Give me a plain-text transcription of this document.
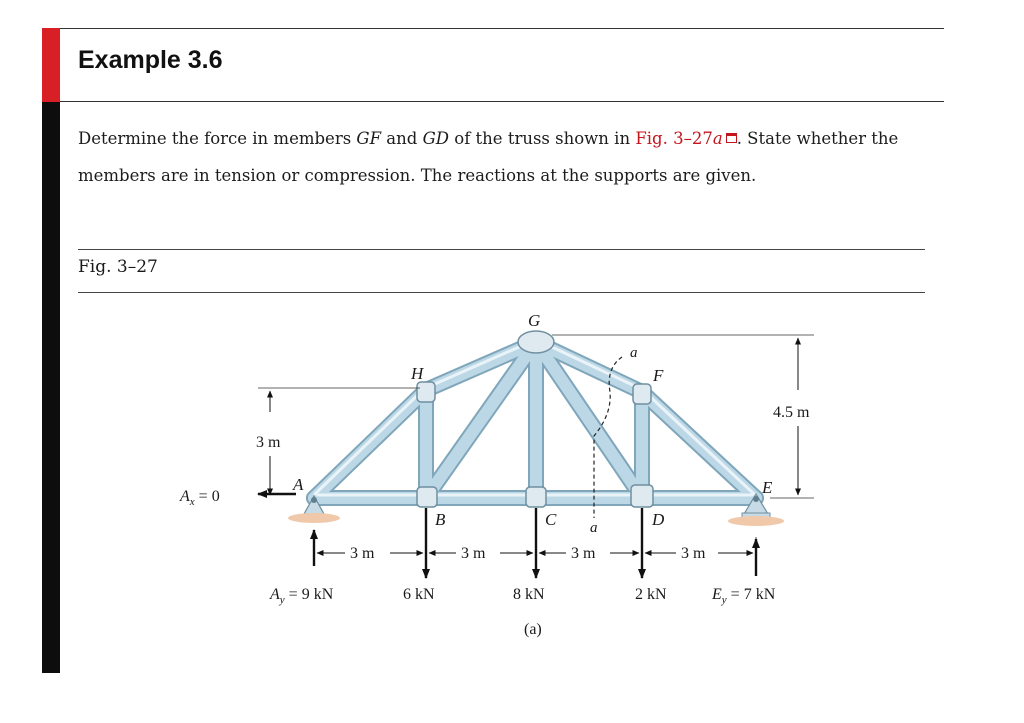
Example 3.6

Determine the force in members GF and GD of the truss shown in Fig. 3–27a . State whether the members are in tension or compression. The reactions at the supports are given.

Fig. 3–27

a
a
G
H	F
A	E
B	C	D
3 m
4.5 m
3 m	3 m	3 m	3 m
$A_x = 0$
$A_y = 9$ kN	6 kN	8 kN	2 kN	$E_y = 7$ kN
(a)
